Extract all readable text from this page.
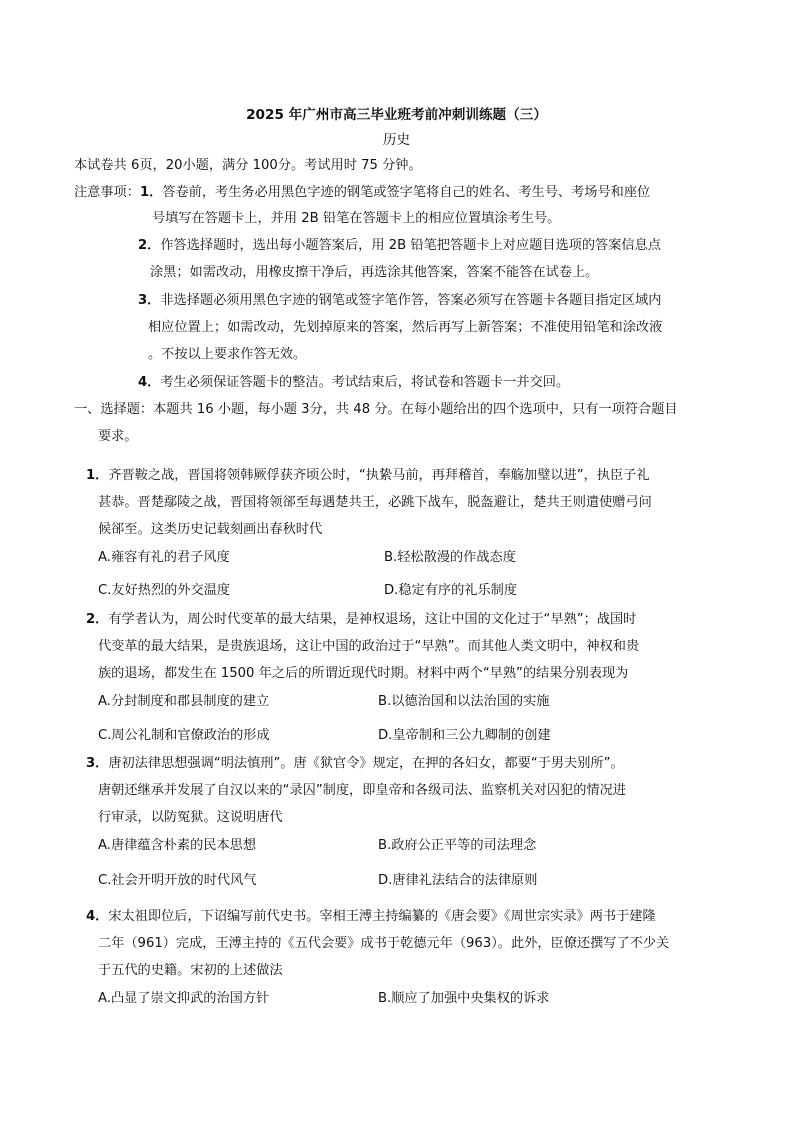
2025 年广州市高三毕业班考前冲刺训练题（三）
历史
本试卷共 6页，20小题，满分 100分。考试用时 75 分钟。
注意事项：1．答卷前，考生务必用黑色字迹的钢笔或签字笔将自己的姓名、考生号、考场号和座位
号填写在答题卡上，并用 2B 铅笔在答题卡上的相应位置填涂考生号。
2．作答选择题时，选出每小题答案后，用 2B 铅笔把答题卡上对应题目选项的答案信息点
涂黑；如需改动，用橡皮擦干净后，再选涂其他答案，答案不能答在试卷上。
3．非选择题必须用黑色字迹的钢笔或签字笔作答，答案必须写在答题卡各题目指定区域内
相应位置上；如需改动，先划掉原来的答案，然后再写上新答案；不准使用铅笔和涂改液
。不按以上要求作答无效。
4．考生必须保证答题卡的整洁。考试结束后，将试卷和答题卡一并交回。
一、选择题：本题共 16 小题，每小题 3分，共 48 分。在每小题给出的四个选项中，只有一项符合题目
要求。
1．齐晋鞍之战，晋国将领韩厥俘获齐顷公时，“执絷马前，再拜稽首，奉觞加璧以进”，执臣子礼
甚恭。晋楚鄢陵之战，晋国将领郤至每遇楚共王，必跳下战车，脱盔避让，楚共王则遣使赠弓问
候郤至。这类历史记载刻画出春秋时代
A.雍容有礼的君子风度	B.轻松散漫的作战态度
C.友好热烈的外交温度	D.稳定有序的礼乐制度
2．有学者认为，周公时代变革的最大结果，是神权退场，这让中国的文化过于“早熟”；战国时
代变革的最大结果，是贵族退场，这让中国的政治过于“早熟”。而其他人类文明中，神权和贵
族的退场，都发生在 1500 年之后的所谓近现代时期。材料中两个“早熟”的结果分别表现为
A.分封制度和郡县制度的建立	B.以德治国和以法治国的实施
C.周公礼制和官僚政治的形成	D.皇帝制和三公九卿制的创建
3．唐初法律思想强调“明法慎刑”。唐《狱官令》规定，在押的各妇女，都要“于男夫别所”。
唐朝还继承并发展了自汉以来的“录囚”制度，即皇帝和各级司法、监察机关对囚犯的情况进
行审录，以防冤狱。这说明唐代
A.唐律蕴含朴素的民本思想	B.政府公正平等的司法理念
C.社会开明开放的时代风气	D.唐律礼法结合的法律原则
4．宋太祖即位后，下诏编写前代史书。宰相王溥主持编纂的《唐会要》《周世宗实录》两书于建隆
二年（961）完成，王溥主持的《五代会要》成书于乾德元年（963）。此外，臣僚还撰写了不少关
于五代的史籍。宋初的上述做法
A.凸显了崇文抑武的治国方针	B.顺应了加强中央集权的诉求
